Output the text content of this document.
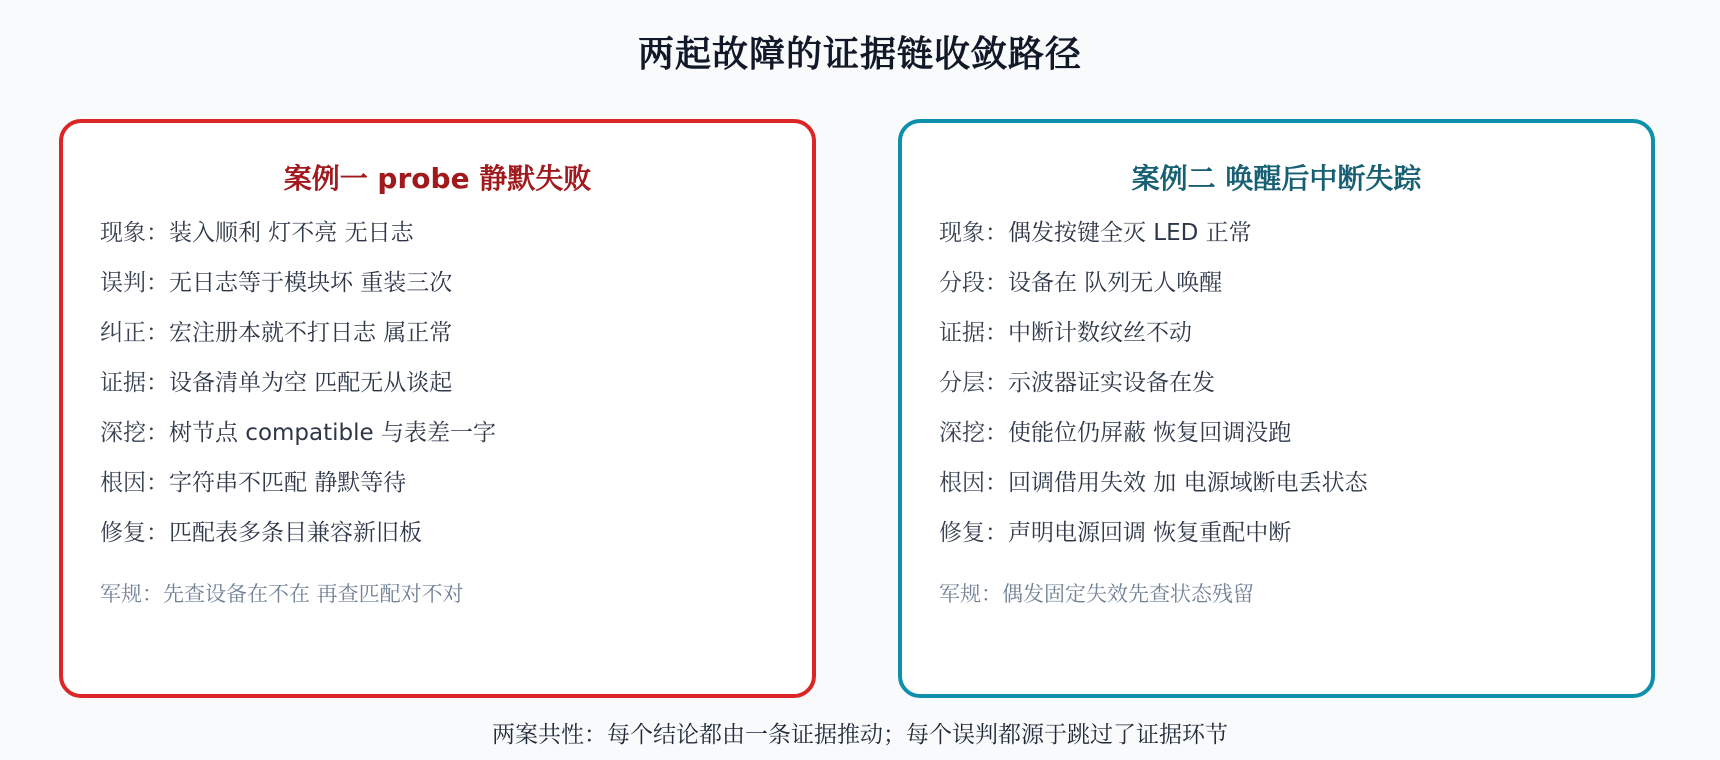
两起故障的证据链收敛路径
案例一 probe 静默失败
现象：装入顺利 灯不亮 无日志
误判：无日志等于模块坏 重装三次
纠正：宏注册本就不打日志 属正常
证据：设备清单为空 匹配无从谈起
深挖：树节点 compatible 与表差一字
根因：字符串不匹配 静默等待
修复：匹配表多条目兼容新旧板
军规：先查设备在不在 再查匹配对不对
案例二 唤醒后中断失踪
现象：偶发按键全灭 LED 正常
分段：设备在 队列无人唤醒
证据：中断计数纹丝不动
分层：示波器证实设备在发
深挖：使能位仍屏蔽 恢复回调没跑
根因：回调借用失效 加 电源域断电丢状态
修复：声明电源回调 恢复重配中断
军规：偶发固定失效先查状态残留
两案共性：每个结论都由一条证据推动；每个误判都源于跳过了证据环节
